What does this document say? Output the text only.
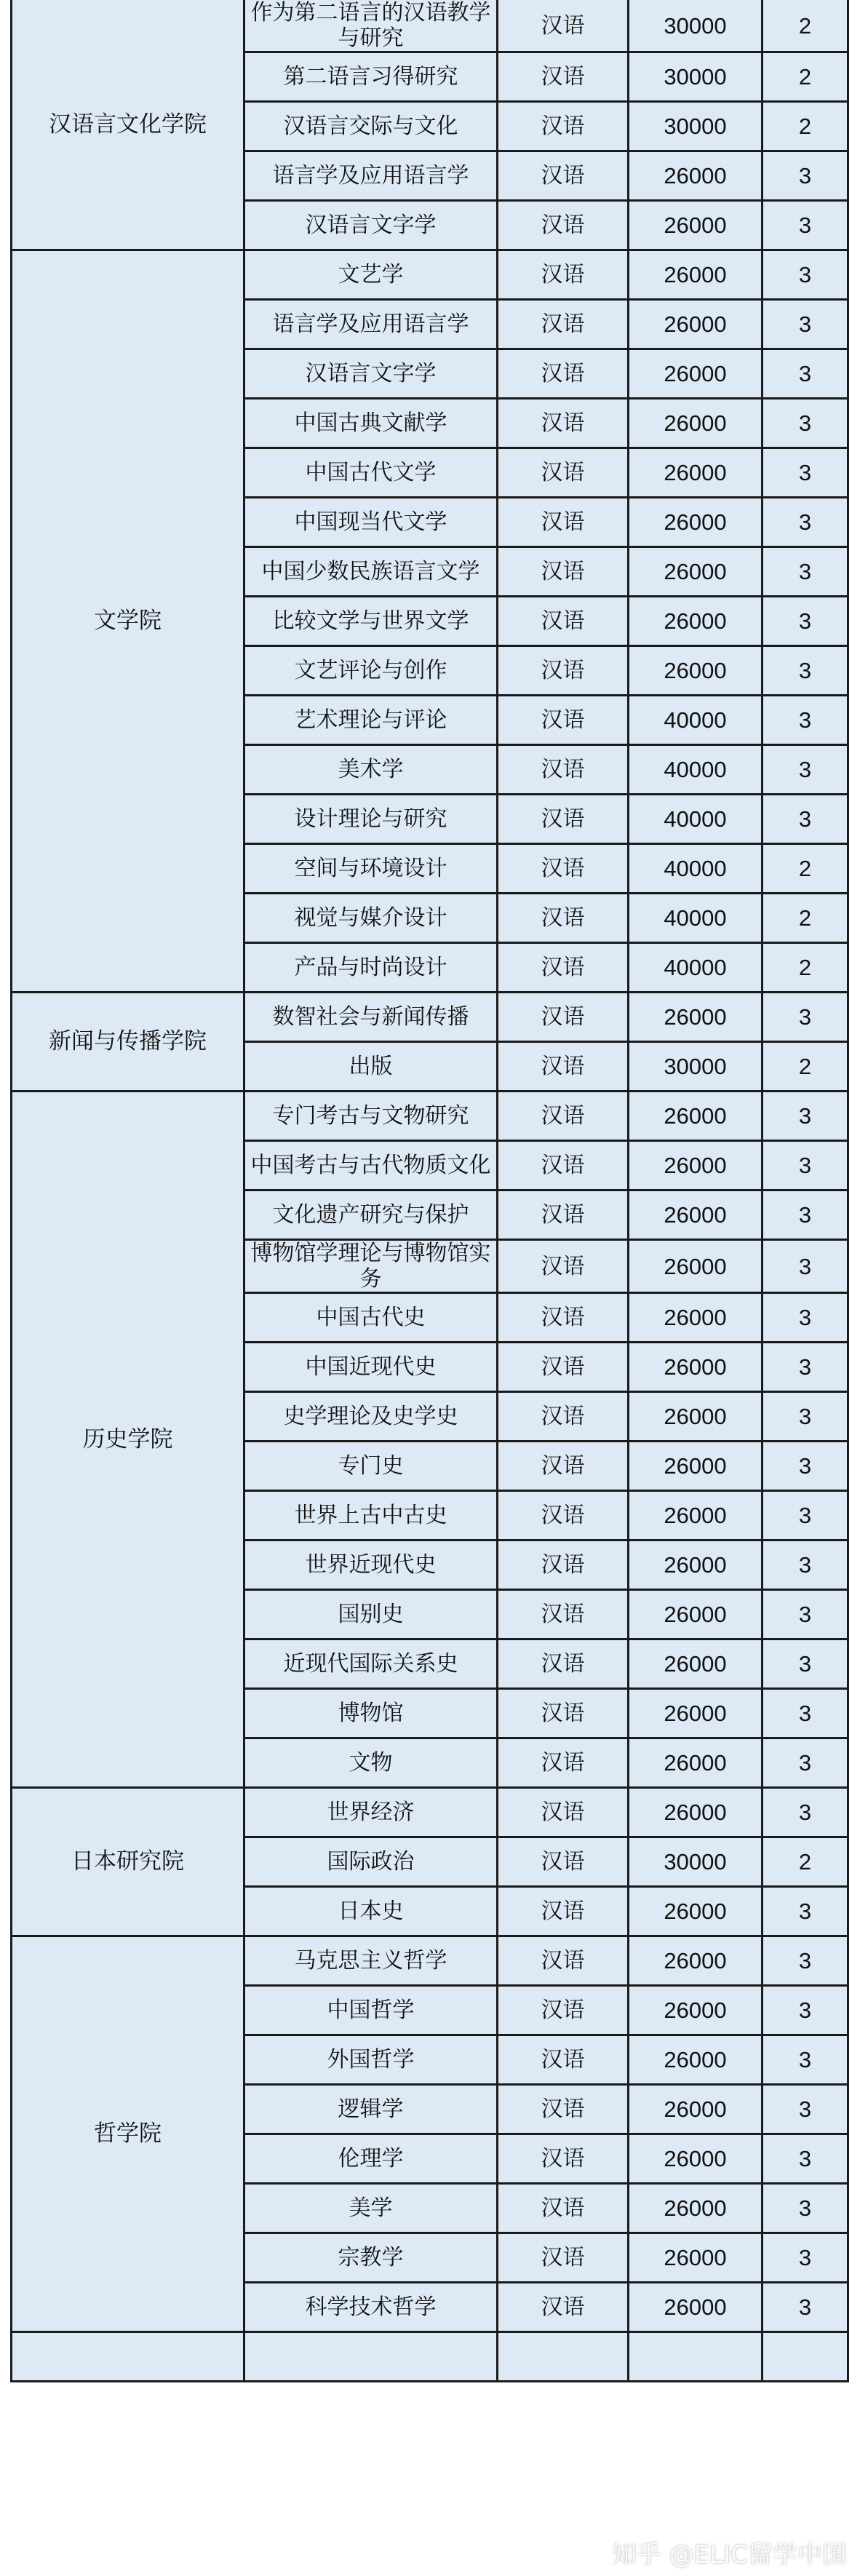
汉语言文化学院	作为第二语言的汉语教学与研究	汉语	30000	2
	第二语言习得研究	汉语	30000	2
	汉语言交际与文化	汉语	30000	2
	语言学及应用语言学	汉语	26000	3
	汉语言文字学	汉语	26000	3
文学院	文艺学	汉语	26000	3
	语言学及应用语言学	汉语	26000	3
	汉语言文字学	汉语	26000	3
	中国古典文献学	汉语	26000	3
	中国古代文学	汉语	26000	3
	中国现当代文学	汉语	26000	3
	中国少数民族语言文学	汉语	26000	3
	比较文学与世界文学	汉语	26000	3
	文艺评论与创作	汉语	26000	3
	艺术理论与评论	汉语	40000	3
	美术学	汉语	40000	3
	设计理论与研究	汉语	40000	3
	空间与环境设计	汉语	40000	2
	视觉与媒介设计	汉语	40000	2
	产品与时尚设计	汉语	40000	2
新闻与传播学院	数智社会与新闻传播	汉语	26000	3
	出版	汉语	30000	2
历史学院	专门考古与文物研究	汉语	26000	3
	中国考古与古代物质文化	汉语	26000	3
	文化遗产研究与保护	汉语	26000	3
	博物馆学理论与博物馆实务	汉语	26000	3
	中国古代史	汉语	26000	3
	中国近现代史	汉语	26000	3
	史学理论及史学史	汉语	26000	3
	专门史	汉语	26000	3
	世界上古中古史	汉语	26000	3
	世界近现代史	汉语	26000	3
	国别史	汉语	26000	3
	近现代国际关系史	汉语	26000	3
	博物馆	汉语	26000	3
	文物	汉语	26000	3
日本研究院	世界经济	汉语	26000	3
	国际政治	汉语	30000	2
	日本史	汉语	26000	3
哲学院	马克思主义哲学	汉语	26000	3
	中国哲学	汉语	26000	3
	外国哲学	汉语	26000	3
	逻辑学	汉语	26000	3
	伦理学	汉语	26000	3
	美学	汉语	26000	3
	宗教学	汉语	26000	3
	科学技术哲学	汉语	26000	3

知乎 @ELIC留学中国
